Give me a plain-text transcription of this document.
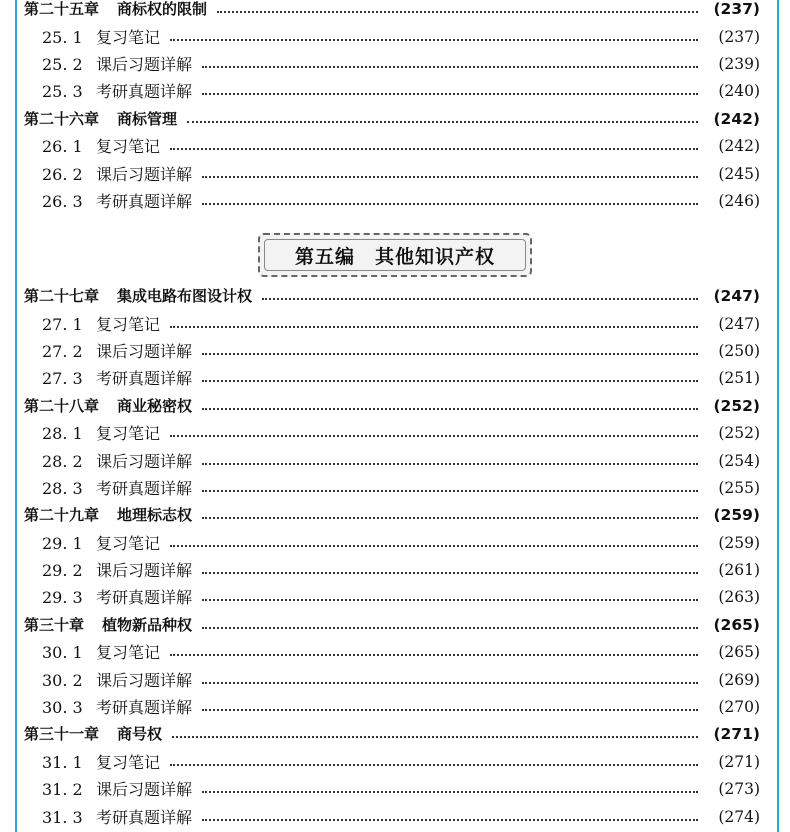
第二十五章 商标权的限制	(237)
25. 1 复习笔记	(237)
25. 2 课后习题详解	(239)
25. 3 考研真题详解	(240)
第二十六章 商标管理	(242)
26. 1 复习笔记	(242)
26. 2 课后习题详解	(245)
26. 3 考研真题详解	(246)
第五编　其他知识产权
第二十七章 集成电路布图设计权	(247)
27. 1 复习笔记	(247)
27. 2 课后习题详解	(250)
27. 3 考研真题详解	(251)
第二十八章 商业秘密权	(252)
28. 1 复习笔记	(252)
28. 2 课后习题详解	(254)
28. 3 考研真题详解	(255)
第二十九章 地理标志权	(259)
29. 1 复习笔记	(259)
29. 2 课后习题详解	(261)
29. 3 考研真题详解	(263)
第三十章 植物新品种权	(265)
30. 1 复习笔记	(265)
30. 2 课后习题详解	(269)
30. 3 考研真题详解	(270)
第三十一章 商号权	(271)
31. 1 复习笔记	(271)
31. 2 课后习题详解	(273)
31. 3 考研真题详解	(274)
